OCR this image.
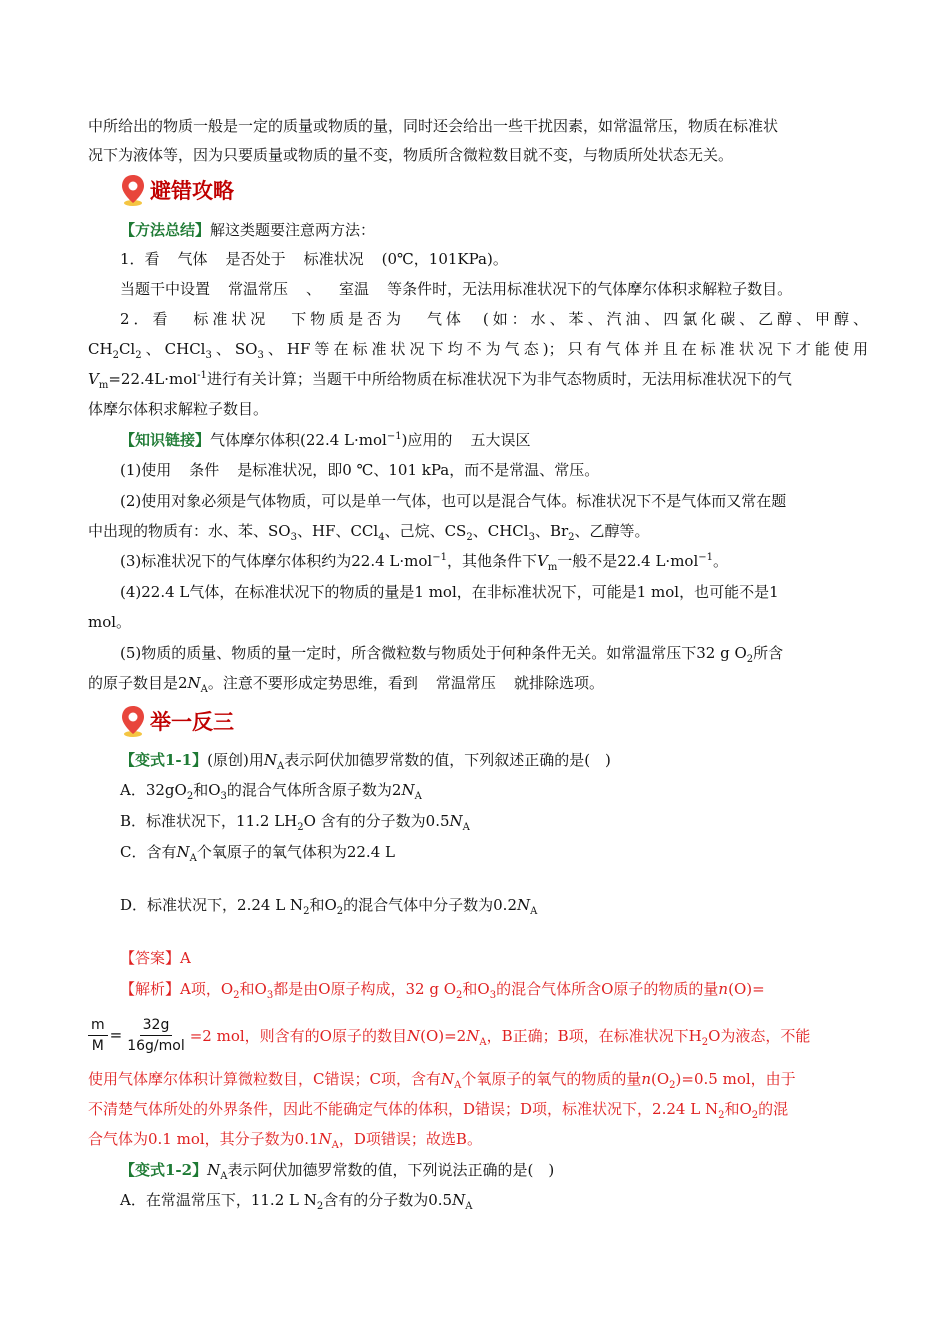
中所给出的物质一般是一定的质量或物质的量，同时还会给出一些干扰因素，如常温常压，物质在标准状
况下为液体等，因为只要质量或物质的量不变，物质所含微粒数目就不变，与物质所处状态无关。
避错攻略
【方法总结】解这类题要注意两方法：
1．看 气体 是否处于 标准状况 (0℃，101KPa)。
当题干中设置 常温常压 、 室温 等条件时，无法用标准状况下的气体摩尔体积求解粒子数目。
2．看 标准状况 下物质是否为 气体 (如：水、苯、汽油、四氯化碳、乙醇、甲醇、
$CH_2Cl_2$、CHCl$_3$、$SO_3$、HF等在标准状况下均不为气态)；只有气体并且在标准状况下才能使用
$V_m=22.4L\cdot mol^{-1}$进行有关计算；当题干中所给物质在标准状况下为非气态物质时，无法用标准状况下的气
体摩尔体积求解粒子数目。
【知识链接】气体摩尔体积(22.4 L·mol$^{-1}$)应用的 五大误区
(1)使用 条件 是标准状况，即0 ℃、101 kPa，而不是常温、常压。
(2)使用对象必须是气体物质，可以是单一气体，也可以是混合气体。标准状况下不是气体而又常在题
中出现的物质有：水、苯、$SO_3$、HF、CCl$_4$、己烷、$CS_2$、CHCl$_3$、$Br_2$、乙醇等。
(3)标准状况下的气体摩尔体积约为22.4 L·mol$^{-1}$，其他条件下$V_m$一般不是22.4 L·mol$^{-1}$。
(4)22.4 L气体，在标准状况下的物质的量是1 mol，在非标准状况下，可能是1 mol，也可能不是1
mol。
(5)物质的质量、物质的量一定时，所含微粒数与物质处于何种条件无关。如常温常压下32 g $O_2$所含
的原子数目是$2N_A$。注意不要形成定势思维，看到 常温常压 就排除选项。
举一反三
【变式1-1】(原创)用$N_A$表示阿伏加德罗常数的值，下列叙述正确的是(　)
A．$32gO_2$和$O_3$的混合气体所含原子数为$2N_A$
B．标准状况下，11.2 $LH_2O$ 含有的分子数为$0.5N_A$
C．含有$N_A$个氧原子的氧气体积为22.4 L
D．标准状况下，2.24 L $N_2$和$O_2$的混合气体中分子数为$0.2N_A$
【答案】A
【解析】A项，$O_2$和$O_3$都是由O原子构成，32 g $O_2$和$O_3$的混合气体所含O原子的物质的量n(O)=
$\frac{m}{M} = \frac{32g}{\text{16g/mol}} =2$ mol，则含有的O原子的数目$N(O)=2N_A$，B正确；B项，在标准状况下$H_2O$为液态，不能
使用气体摩尔体积计算微粒数目，C错误；C项，含有$N_A$个氧原子的氧气的物质的量$n(O_2)=0.5$ mol，由于
不清楚气体所处的外界条件，因此不能确定气体的体积，D错误；D项，标准状况下，2.24 L $N_2$和$O_2$的混
合气体为0.1 mol，其分子数为$0.1N_A$，D项错误；故选B。
【变式1-2】$N_A$表示阿伏加德罗常数的值，下列说法正确的是(　)
A．在常温常压下，11.2 L $N_2$含有的分子数为$0.5N_A$
